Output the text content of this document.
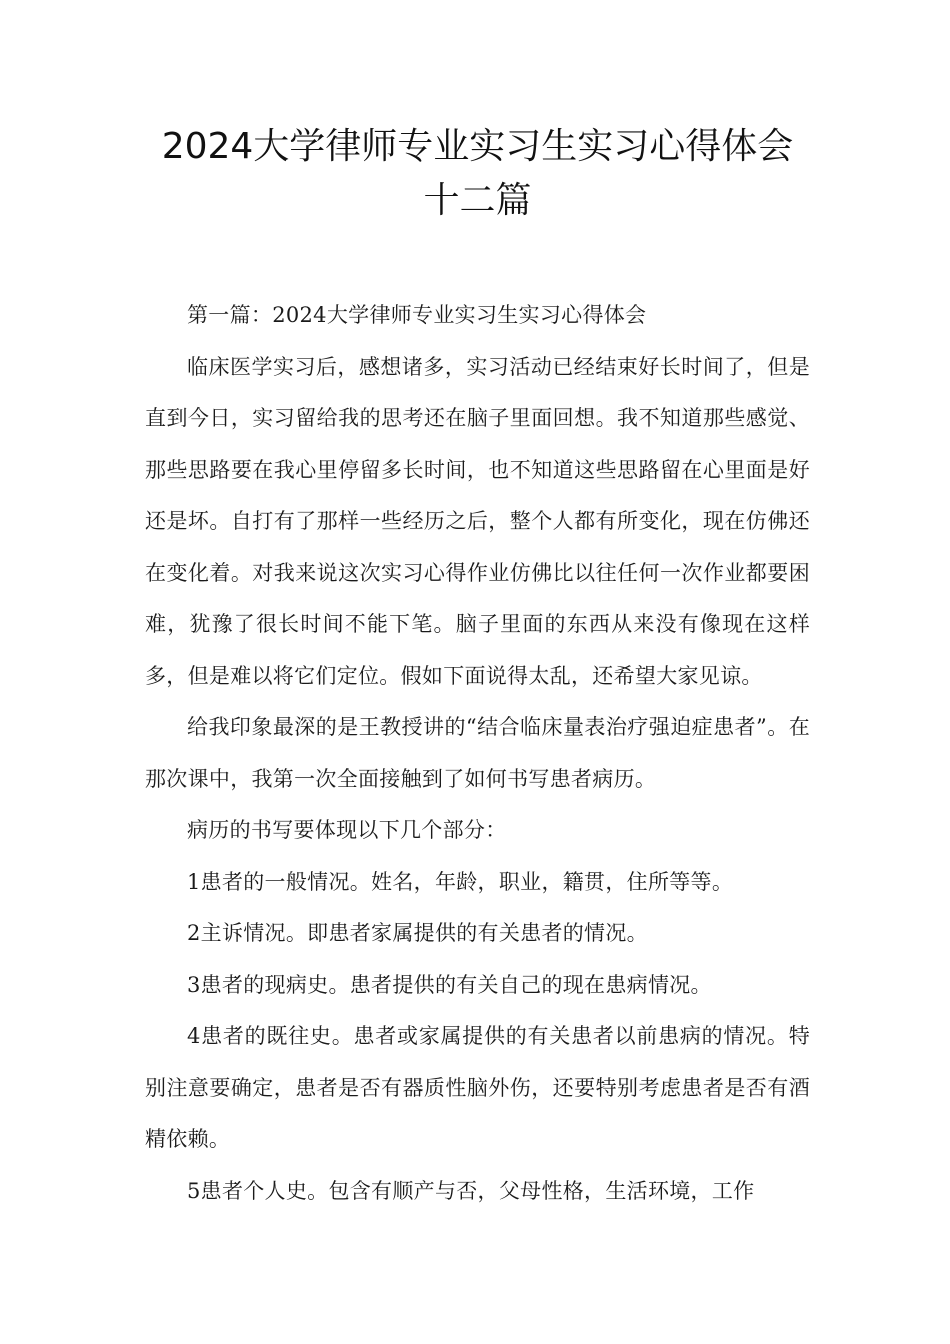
2024大学律师专业实习生实习心得体会
十二篇

第一篇：2024大学律师专业实习生实习心得体会

临床医学实习后，感想诸多，实习活动已经结束好长时间了，但是直到今日，实习留给我的思考还在脑子里面回想。我不知道那些感觉、那些思路要在我心里停留多长时间，也不知道这些思路留在心里面是好还是坏。自打有了那样一些经历之后，整个人都有所变化，现在仿佛还在变化着。对我来说这次实习心得作业仿佛比以往任何一次作业都要困难，犹豫了很长时间不能下笔。脑子里面的东西从来没有像现在这样多，但是难以将它们定位。假如下面说得太乱，还希望大家见谅。

给我印象最深的是王教授讲的“结合临床量表治疗强迫症患者”。在那次课中，我第一次全面接触到了如何书写患者病历。

病历的书写要体现以下几个部分：

1患者的一般情况。姓名，年龄，职业，籍贯，住所等等。

2主诉情况。即患者家属提供的有关患者的情况。

3患者的现病史。患者提供的有关自己的现在患病情况。

4患者的既往史。患者或家属提供的有关患者以前患病的情况。特别注意要确定，患者是否有器质性脑外伤，还要特别考虑患者是否有酒精依赖。

5患者个人史。包含有顺产与否，父母性格，生活环境，工作
